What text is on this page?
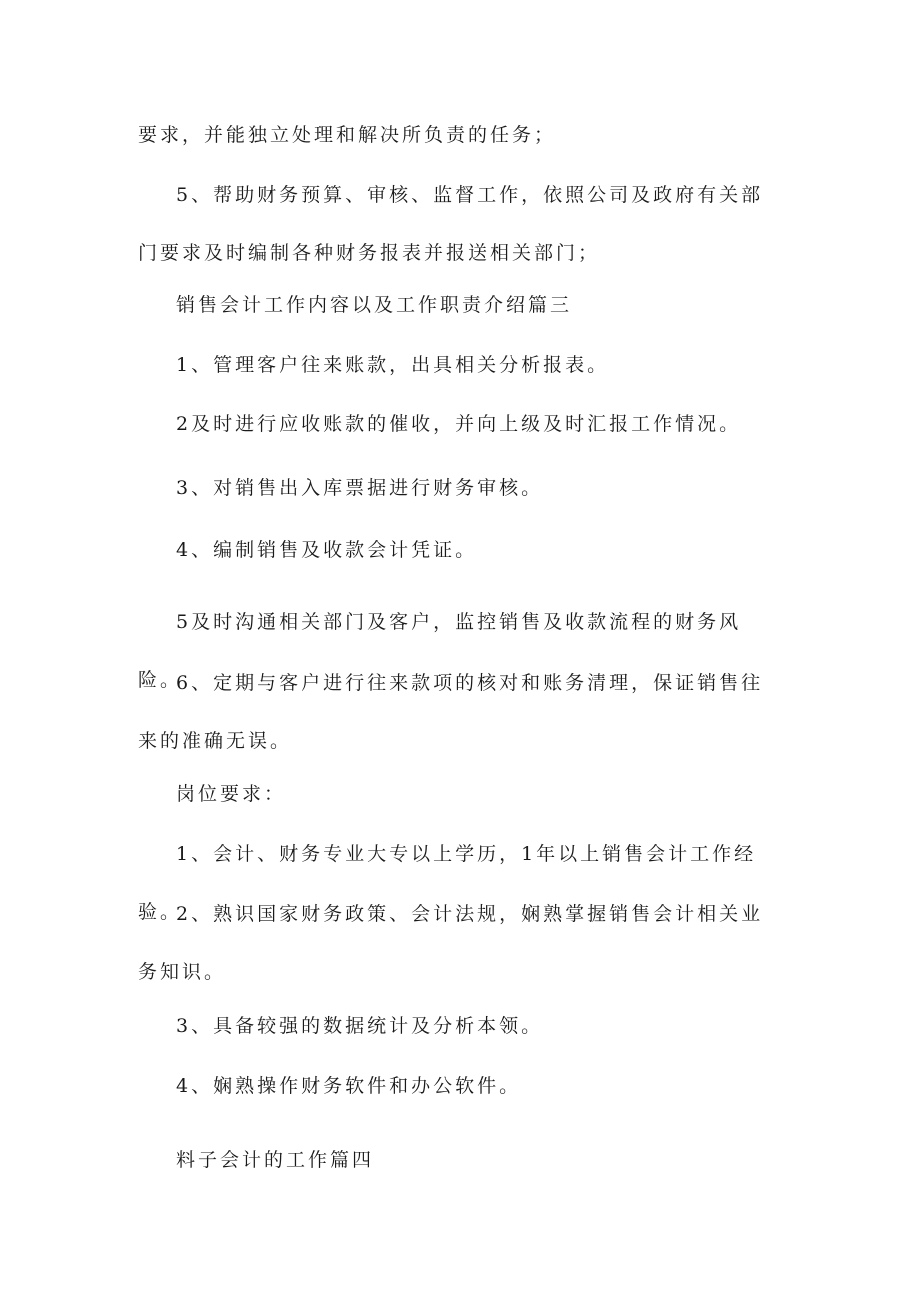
要求，并能独立处理和解决所负责的任务；

5、帮助财务预算、审核、监督工作，依照公司及政府有关部门要求及时编制各种财务报表并报送相关部门；

销售会计工作内容以及工作职责介绍篇三

1、管理客户往来账款，出具相关分析报表。

2及时进行应收账款的催收，并向上级及时汇报工作情况。

3、对销售出入库票据进行财务审核。

4、编制销售及收款会计凭证。

5及时沟通相关部门及客户，监控销售及收款流程的财务风险。

6、定期与客户进行往来款项的核对和账务清理，保证销售往来的准确无误。

岗位要求：

1、会计、财务专业大专以上学历，1年以上销售会计工作经验。

2、熟识国家财务政策、会计法规，娴熟掌握销售会计相关业务知识。

3、具备较强的数据统计及分析本领。

4、娴熟操作财务软件和办公软件。

料子会计的工作篇四
